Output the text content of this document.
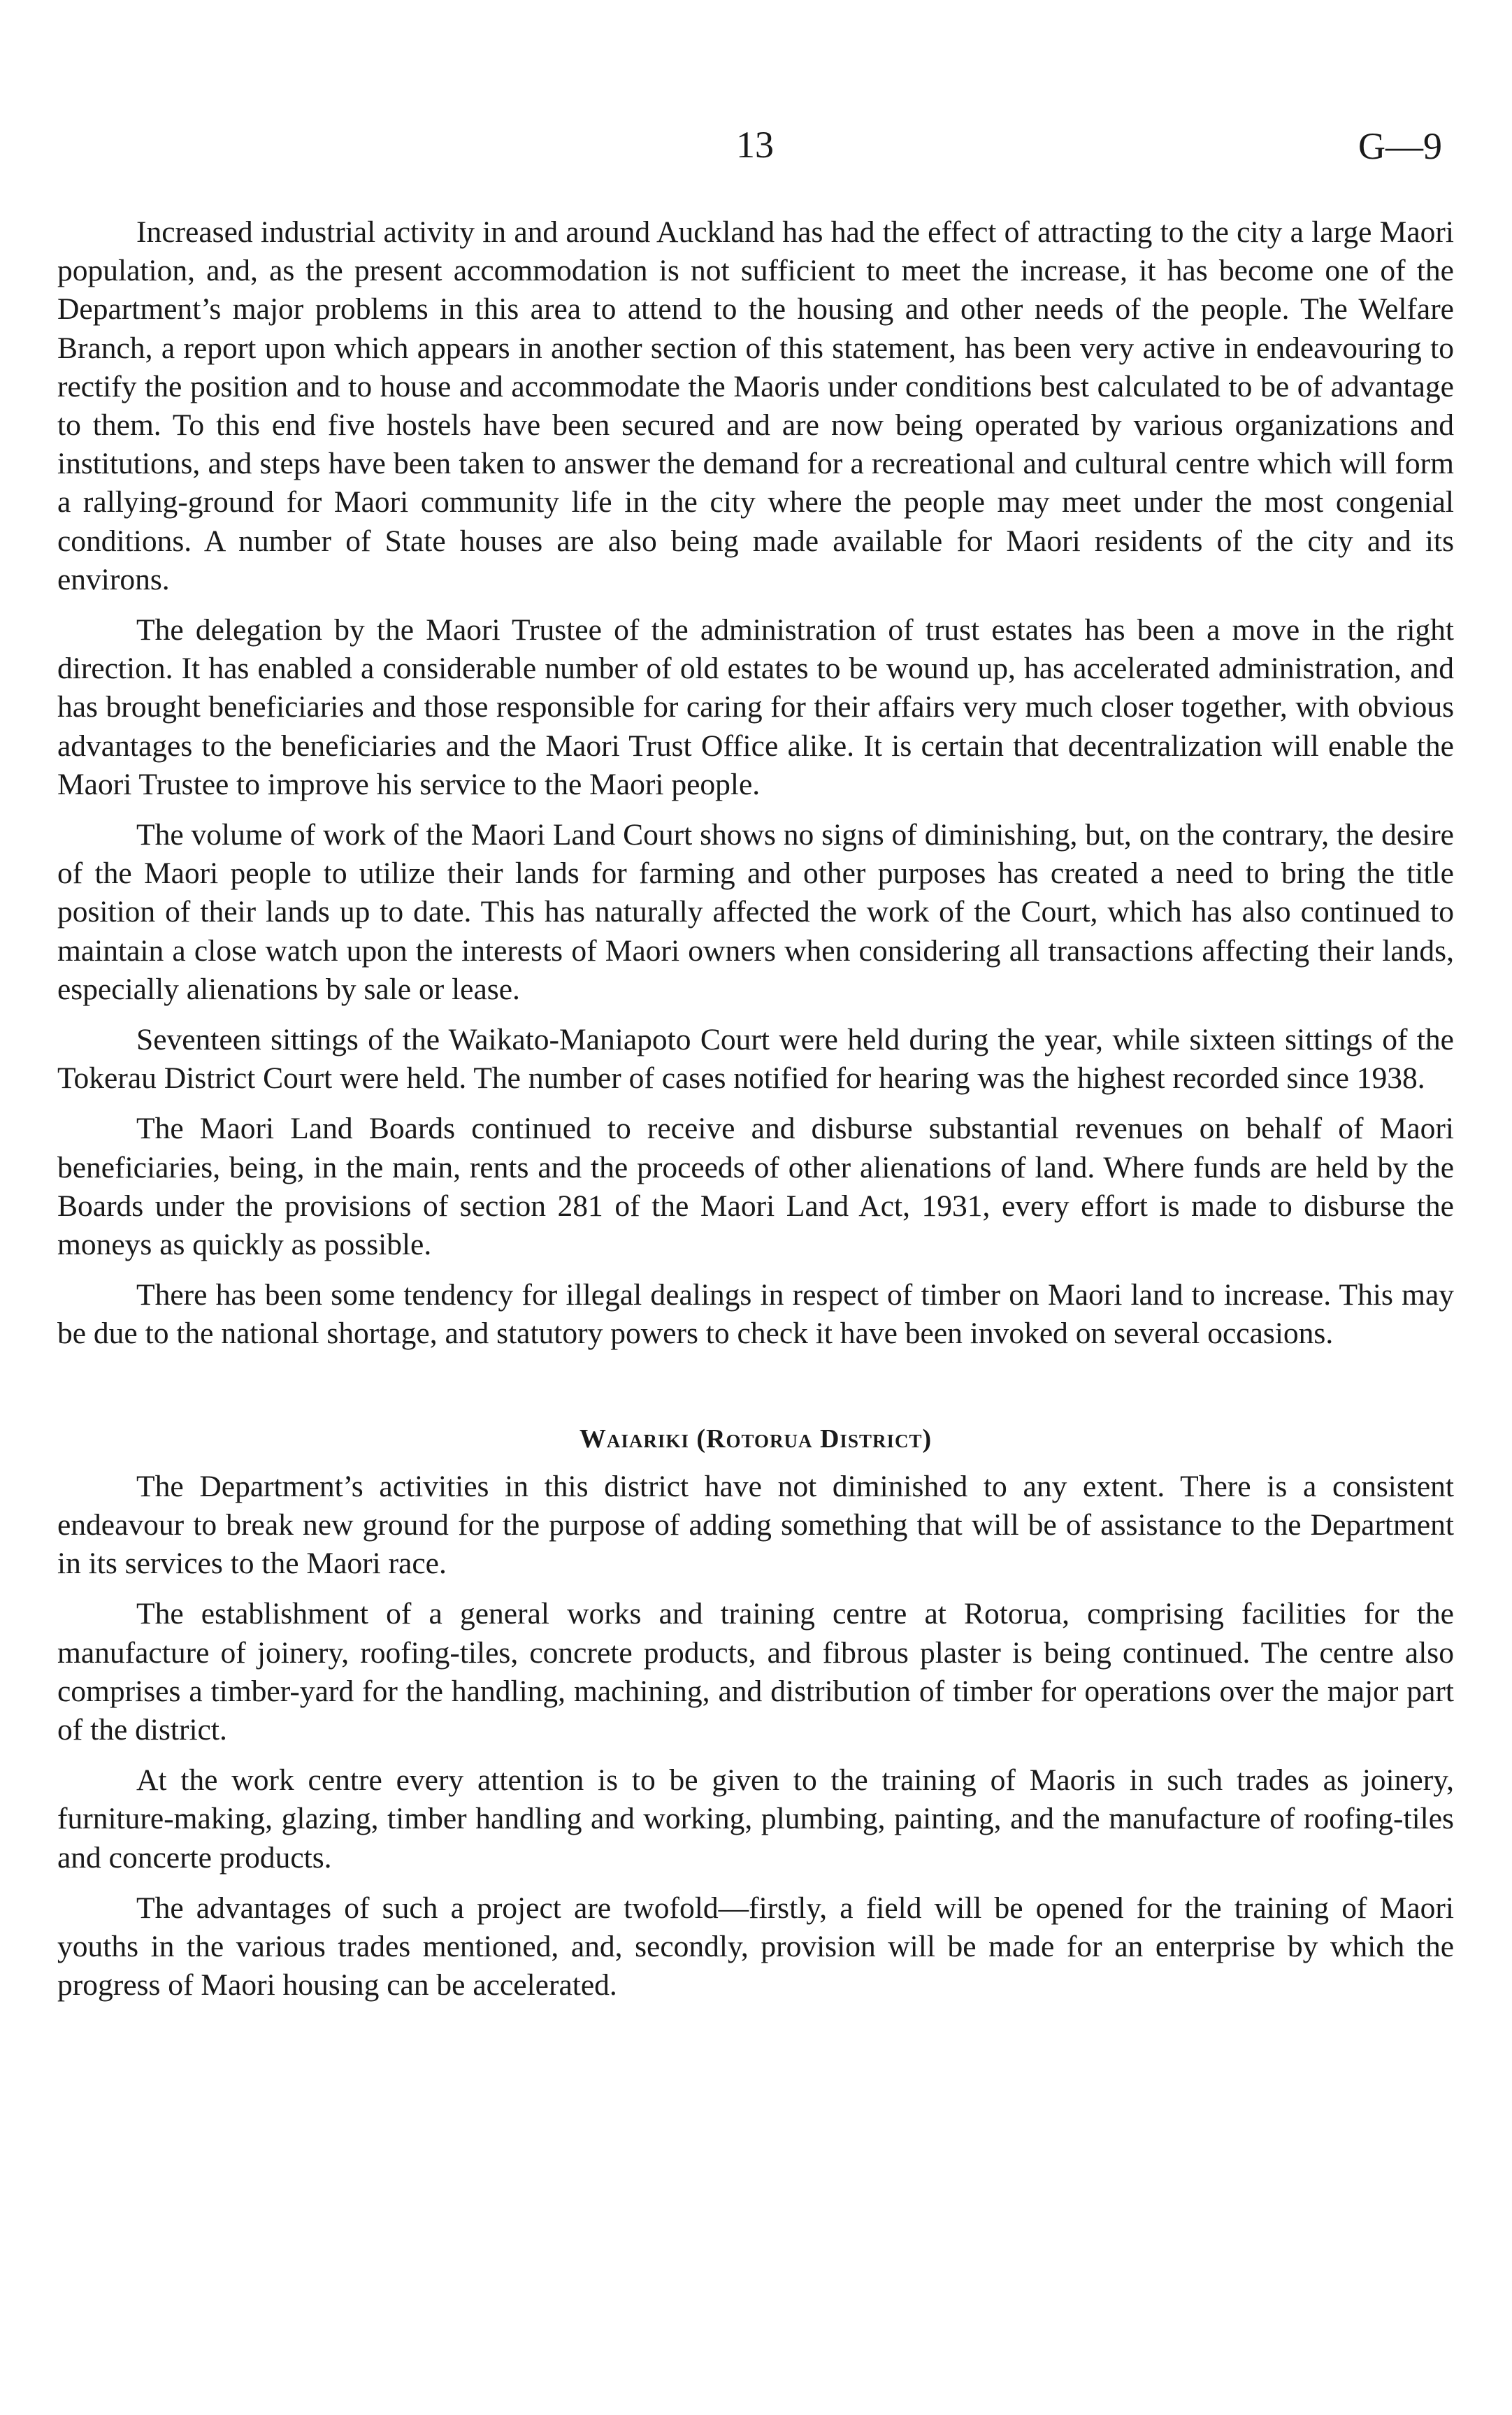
13	G—9

Increased industrial activity in and around Auckland has had the effect of attracting to the city a large Maori population, and, as the present accommodation is not sufficient to meet the increase, it has become one of the Department’s major problems in this area to attend to the housing and other needs of the people. The Welfare Branch, a report upon which appears in another section of this statement, has been very active in endeavouring to rectify the position and to house and accommodate the Maoris under conditions best calculated to be of advantage to them. To this end five hostels have been secured and are now being operated by various organizations and institutions, and steps have been taken to answer the demand for a recreational and cultural centre which will form a rallying-ground for Maori community life in the city where the people may meet under the most congenial conditions. A number of State houses are also being made available for Maori residents of the city and its environs.

The delegation by the Maori Trustee of the administration of trust estates has been a move in the right direction. It has enabled a considerable number of old estates to be wound up, has accelerated administration, and has brought beneficiaries and those responsible for caring for their affairs very much closer together, with obvious advantages to the beneficiaries and the Maori Trust Office alike. It is certain that decentralization will enable the Maori Trustee to improve his service to the Maori people.

The volume of work of the Maori Land Court shows no signs of diminishing, but, on the contrary, the desire of the Maori people to utilize their lands for farming and other purposes has created a need to bring the title position of their lands up to date. This has naturally affected the work of the Court, which has also continued to maintain a close watch upon the interests of Maori owners when considering all transactions affecting their lands, especially alienations by sale or lease.

Seventeen sittings of the Waikato-Maniapoto Court were held during the year, while sixteen sittings of the Tokerau District Court were held. The number of cases notified for hearing was the highest recorded since 1938.

The Maori Land Boards continued to receive and disburse substantial revenues on behalf of Maori beneficiaries, being, in the main, rents and the proceeds of other alienations of land. Where funds are held by the Boards under the provisions of section 281 of the Maori Land Act, 1931, every effort is made to disburse the moneys as quickly as possible.

There has been some tendency for illegal dealings in respect of timber on Maori land to increase. This may be due to the national shortage, and statutory powers to check it have been invoked on several occasions.

Waiariki (Rotorua District)

The Department’s activities in this district have not diminished to any extent. There is a consistent endeavour to break new ground for the purpose of adding something that will be of assistance to the Department in its services to the Maori race.

The establishment of a general works and training centre at Rotorua, comprising facilities for the manufacture of joinery, roofing-tiles, concrete products, and fibrous plaster is being continued. The centre also comprises a timber-yard for the handling, machining, and distribution of timber for operations over the major part of the district.

At the work centre every attention is to be given to the training of Maoris in such trades as joinery, furniture-making, glazing, timber handling and working, plumbing, painting, and the manufacture of roofing-tiles and concerte products.

The advantages of such a project are twofold—firstly, a field will be opened for the training of Maori youths in the various trades mentioned, and, secondly, provision will be made for an enterprise by which the progress of Maori housing can be accelerated.
